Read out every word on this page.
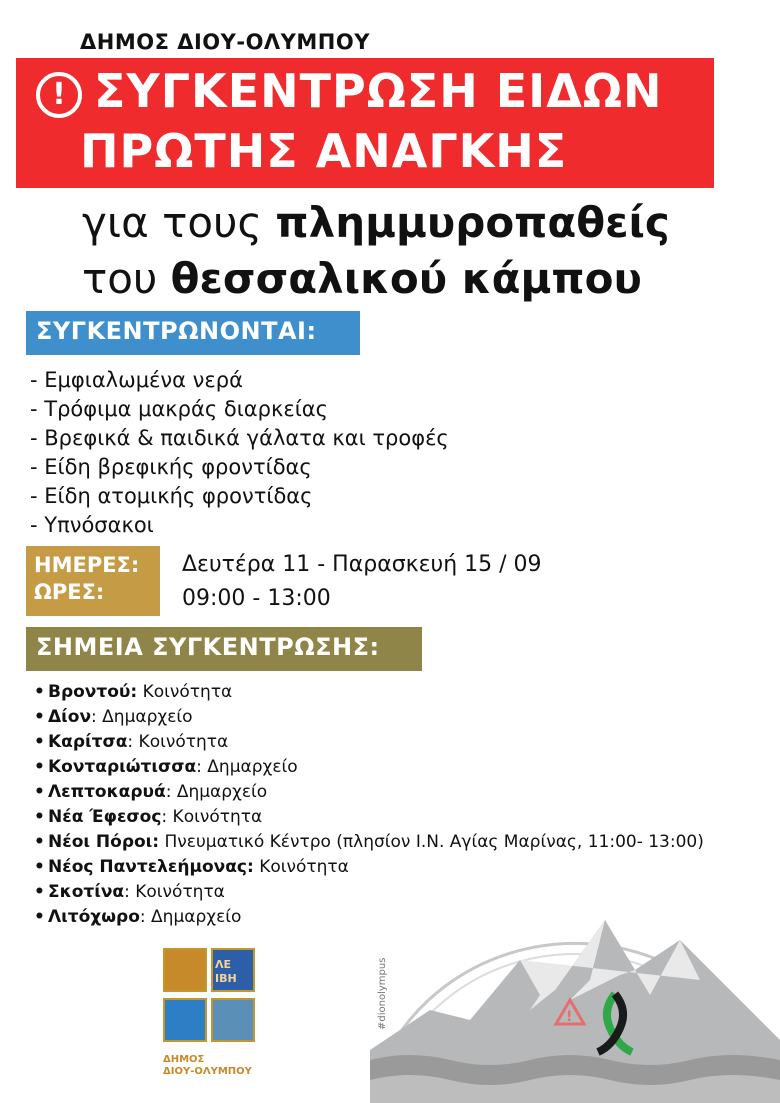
ΔΗΜΟΣ ΔΙΟΥ-ΟΛΥΜΠΟΥ
! ΣΥΓΚΕΝΤΡΩΣΗ ΕΙΔΩΝ
ΠΡΩΤΗΣ ΑΝΑΓΚΗΣ
για τους πλημμυροπαθείς
του θεσσαλικού κάμπου
ΣΥΓΚΕΝΤΡΩΝΟΝΤΑΙ:
- Εμφιαλωμένα νερά
- Τρόφιμα μακράς διαρκείας
- Βρεφικά & παιδικά γάλατα και τροφές
- Είδη βρεφικής φροντίδας
- Είδη ατομικής φροντίδας
- Υπνόσακοι
ΗΜΕΡΕΣ:
ΩΡΕΣ:
Δευτέρα 11 - Παρασκευή 15 / 09
09:00 - 13:00
ΣΗΜΕΙΑ ΣΥΓΚΕΝΤΡΩΣΗΣ:
• Βροντού: Κοινότητα
• Δίον: Δημαρχείο
• Καρίτσα: Κοινότητα
• Κονταριώτισσα: Δημαρχείο
• Λεπτοκαρυά: Δημαρχείο
• Νέα Έφεσος: Κοινότητα
• Νέοι Πόροι: Πνευματικό Κέντρο (πλησίον Ι.Ν. Αγίας Μαρίνας, 11:00- 13:00)
• Νέος Παντελεήμονας: Κοινότητα
• Σκοτίνα: Κοινότητα
• Λιτόχωρο: Δημαρχείο
ΛΕ

ΙΒΗ
ΔΗΜΟΣ
ΔΙΟΥ-ΟΛΥΜΠΟΥ
#dionolympus	!
